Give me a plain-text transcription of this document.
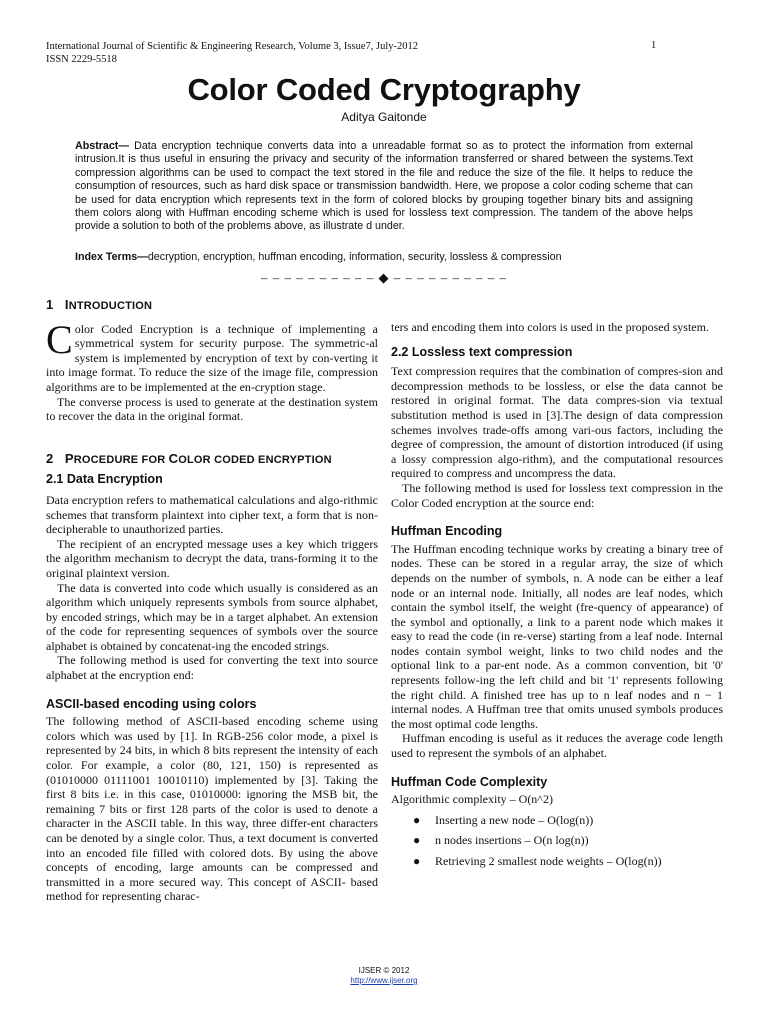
International Journal of Scientific & Engineering Research, Volume 3, Issue7, July-2012
ISSN 2229-5518
1
Color Coded Cryptography
Aditya Gaitonde
Abstract— Data encryption technique converts data into a unreadable format so as to protect the information from external intrusion.It is thus useful in ensuring the privacy and security of the information transferred or shared between the systems.Text compression algorithms can be used to compact the text stored in the file and reduce the size of the file. It helps to reduce the consumption of resources, such as hard disk space or transmission bandwidth. Here, we propose a color coding scheme that can be used for data encryption which represents text in the form of colored blocks by grouping together binary bits and assigning them colors along with Huffman encoding scheme which is used for lossless text compression. The tandem of the above helps provide a solution to both of the problems above, as illustrate d under.
Index Terms—decryption, encryption, huffman encoding, information, security, lossless & compression
– – – – – – – – – – ◆ – – – – – – – – – –
1 INTRODUCTION

Color Coded Encryption is a technique of implementing a symmetrical system for security purpose. The symmetric-al system is implemented by encryption of text by con-verting it into image format. To reduce the size of the image file, compression algorithms are to be implemented at the en-cryption stage.

The converse process is used to generate at the destination system to recover the data in the original format.

2 PROCEDURE FOR COLOR CODED ENCRYPTION
2.1 Data Encryption

Data encryption refers to mathematical calculations and algo-rithmic schemes that transform plaintext into cipher text, a form that is non-decipherable to unauthorized parties.

The recipient of an encrypted message uses a key which triggers the algorithm mechanism to decrypt the data, trans-forming it to the original plaintext version.

The data is converted into code which usually is considered as an algorithm which uniquely represents symbols from source alphabet, by encoded strings, which may be in a target alphabet. An extension of the code for representing sequences of symbols over the source alphabet is obtained by concatenat-ing the encoded strings.

The following method is used for converting the text into source alphabet at the encryption end:

ASCII-based encoding using colors

The following method of ASCII-based encoding scheme using colors which was used by [1]. In RGB-256 color mode, a pixel is represented by 24 bits, in which 8 bits represent the intensity of each color. For example, a color (80, 121, 150) is represented as (01010000 01111001 10010110) implemented by [3]. Taking the first 8 bits i.e. in this case, 01010000: ignoring the MSB bit, the remaining 7 bits or first 128 parts of the color is used to denote a character in the ASCII table. In this way, three differ-ent characters can be denoted by a single color. Thus, a text document is converted into an encoded file filled with colored dots. By using the above concepts of encoding, large amounts can be compressed and transmitted in a more secured way. This concept of ASCII- based method for representing charac-

ters and encoding them into colors is used in the proposed system.

2.2 Lossless text compression

Text compression requires that the combination of compres-sion and decompression methods to be lossless, or else the data cannot be restored in original format. The data compres-sion via textual substitution method is used in [3].The design of data compression schemes involves trade-offs among vari-ous factors, including the degree of compression, the amount of distortion introduced (if using a lossy compression algo-rithm), and the computational resources required to compress and uncompress the data.

The following method is used for lossless text compression in the Color Coded encryption at the source end:

Huffman Encoding

The Huffman encoding technique works by creating a binary tree of nodes. These can be stored in a regular array, the size of which depends on the number of symbols, n. A node can be either a leaf node or an internal node. Initially, all nodes are leaf nodes, which contain the symbol itself, the weight (fre-quency of appearance) of the symbol and optionally, a link to a parent node which makes it easy to read the code (in re-verse) starting from a leaf node. Internal nodes contain symbol weight, links to two child nodes and the optional link to a par-ent node. As a common convention, bit '0' represents follow-ing the left child and bit '1' represents following the right child. A finished tree has up to n leaf nodes and n − 1 internal nodes. A Huffman tree that omits unused symbols produces the most optimal code lengths.

Huffman encoding is useful as it reduces the average code length used to represent the symbols of an alphabet.

Huffman Code Complexity

Algorithmic complexity – O(n^2)

● Inserting a new node – O(log(n))
● n nodes insertions – O(n log(n))
● Retrieving 2 smallest node weights – O(log(n))
IJSER © 2012
http://www.ijser.org
